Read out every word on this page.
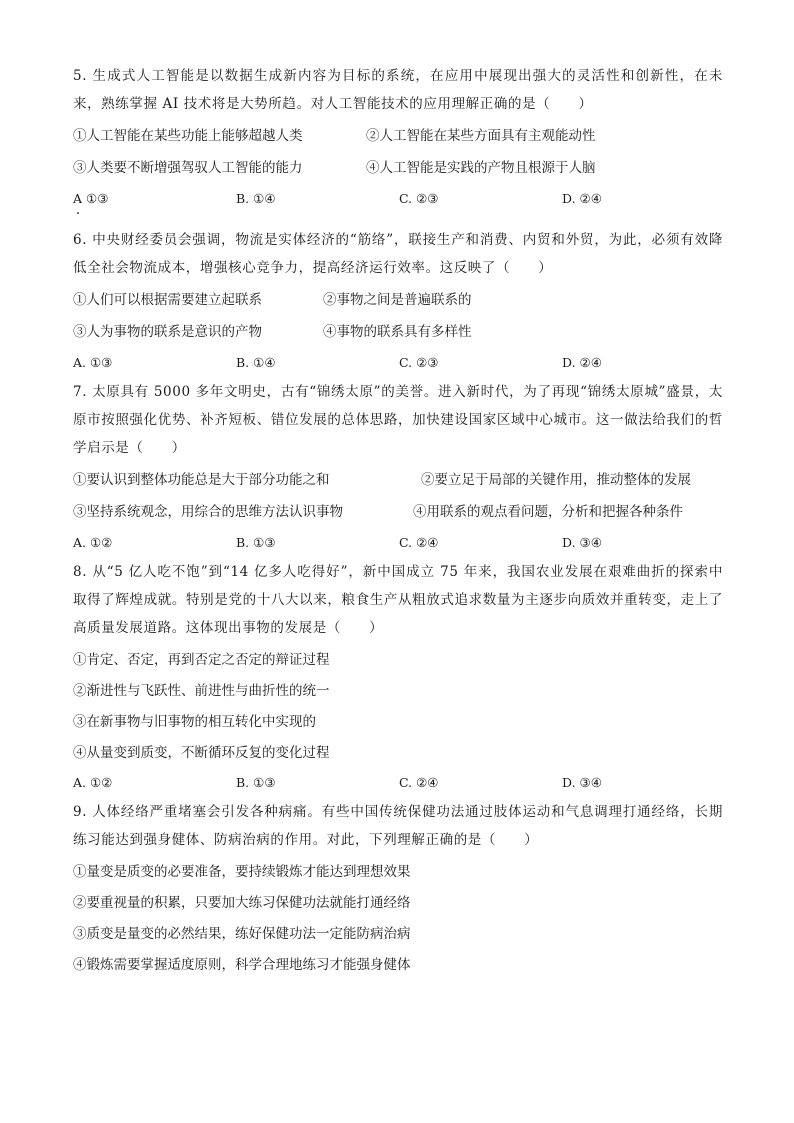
5. 生成式人工智能是以数据生成新内容为目标的系统，在应用中展现出强大的灵活性和创新性，在未来，熟练掌握 AI 技术将是大势所趋。对人工智能技术的应用理解正确的是（　　）

①人工智能在某些功能上能够超越人类	②人工智能在某些方面具有主观能动性
③人类要不断增强驾驭人工智能的能力	④人工智能是实践的产物且根源于人脑
A ①③	B. ①④	C. ②③	D. ②④

6. 中央财经委员会强调，物流是实体经济的“筋络”，联接生产和消费、内贸和外贸，为此，必须有效降低全社会物流成本，增强核心竞争力，提高经济运行效率。这反映了（　　）

①人们可以根据需要建立起联系	②事物之间是普遍联系的
③人为事物的联系是意识的产物	④事物的联系具有多样性
A. ①③	B. ①④	C. ②③	D. ②④

7. 太原具有 5000 多年文明史，古有“锦绣太原”的美誉。进入新时代，为了再现“锦绣太原城”盛景，太原市按照强化优势、补齐短板、错位发展的总体思路，加快建设国家区域中心城市。这一做法给我们的哲学启示是（　　）

①要认识到整体功能总是大于部分功能之和	②要立足于局部的关键作用，推动整体的发展
③坚持系统观念，用综合的思维方法认识事物	④用联系的观点看问题，分析和把握各种条件
A. ①②	B. ①③	C. ②④	D. ③④

8. 从“5 亿人吃不饱”到“14 亿多人吃得好”，新中国成立 75 年来，我国农业发展在艰难曲折的探索中取得了辉煌成就。特别是党的十八大以来，粮食生产从粗放式追求数量为主逐步向质效并重转变，走上了高质量发展道路。这体现出事物的发展是（　　）

①肯定、否定，再到否定之否定的辩证过程
②渐进性与飞跃性、前进性与曲折性的统一
③在新事物与旧事物的相互转化中实现的
④从量变到质变，不断循环反复的变化过程
A. ①②	B. ①③	C. ②④	D. ③④

9. 人体经络严重堵塞会引发各种病痛。有些中国传统保健功法通过肢体运动和气息调理打通经络，长期练习能达到强身健体、防病治病的作用。对此，下列理解正确的是（　　）

①量变是质变的必要准备，要持续锻炼才能达到理想效果
②要重视量的积累，只要加大练习保健功法就能打通经络
③质变是量变的必然结果，练好保健功法一定能防病治病
④锻炼需要掌握适度原则，科学合理地练习才能强身健体
